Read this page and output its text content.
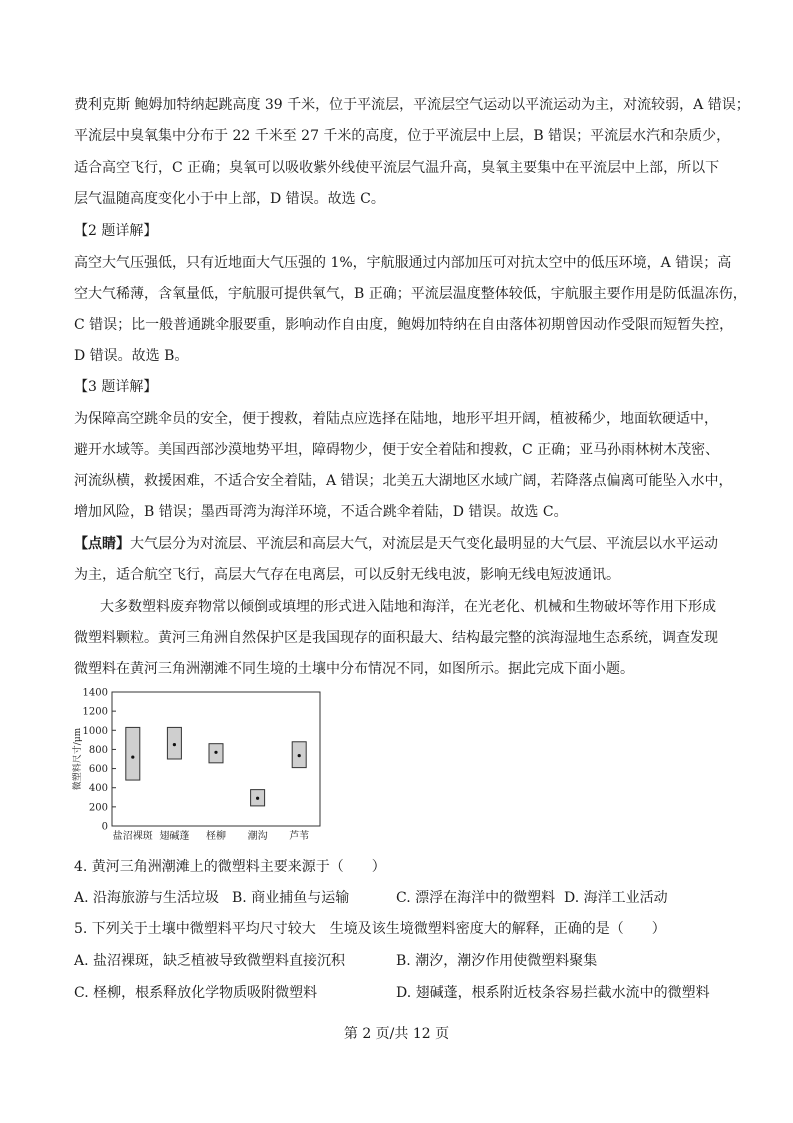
费利克斯 鲍姆加特纳起跳高度 39 千米，位于平流层，平流层空气运动以平流运动为主，对流较弱，A 错误；
平流层中臭氧集中分布于 22 千米至 27 千米的高度，位于平流层中上层，B 错误；平流层水汽和杂质少，
适合高空飞行，C 正确；臭氧可以吸收紫外线使平流层气温升高，臭氧主要集中在平流层中上部，所以下
层气温随高度变化小于中上部，D 错误。故选 C。
【2 题详解】
高空大气压强低，只有近地面大气压强的 1%，宇航服通过内部加压可对抗太空中的低压环境，A 错误；高
空大气稀薄，含氧量低，宇航服可提供氧气，B 正确；平流层温度整体较低，宇航服主要作用是防低温冻伤，
C 错误；比一般普通跳伞服要重，影响动作自由度，鲍姆加特纳在自由落体初期曾因动作受限而短暂失控，
D 错误。故选 B。
【3 题详解】
为保障高空跳伞员的安全，便于搜救，着陆点应选择在陆地，地形平坦开阔，植被稀少，地面软硬适中，
避开水域等。美国西部沙漠地势平坦，障碍物少，便于安全着陆和搜救，C 正确；亚马孙雨林树木茂密、
河流纵横，救援困难，不适合安全着陆，A 错误；北美五大湖地区水域广阔，若降落点偏离可能坠入水中，
增加风险，B 错误；墨西哥湾为海洋环境，不适合跳伞着陆，D 错误。故选 C。
【点睛】大气层分为对流层、平流层和高层大气，对流层是天气变化最明显的大气层、平流层以水平运动
为主，适合航空飞行，高层大气存在电离层，可以反射无线电波，影响无线电短波通讯。
大多数塑料废弃物常以倾倒或填埋的形式进入陆地和海洋，在光老化、机械和生物破坏等作用下形成
微塑料颗粒。黄河三角洲自然保护区是我国现存的面积最大、结构最完整的滨海湿地生态系统，调查发现
微塑料在黄河三角洲潮滩不同生境的土壤中分布情况不同，如图所示。据此完成下面小题。
0
200
400
600
800
1000
1200
1400
微塑料尺寸/μm
盐沼裸斑 翅碱蓬 柽柳 潮沟 芦苇
4. 黄河三角洲潮滩上的微塑料主要来源于（　　）
A. 沿海旅游与生活垃圾 B. 商业捕鱼与运输	C. 漂浮在海洋中的微塑料 D. 海洋工业活动
5. 下列关于土壤中微塑料平均尺寸较大　生境及该生境微塑料密度大的解释，正确的是（　　）
A. 盐沼裸斑，缺乏植被导致微塑料直接沉积	B. 潮汐，潮汐作用使微塑料聚集
C. 柽柳，根系释放化学物质吸附微塑料	D. 翅碱蓬，根系附近枝条容易拦截水流中的微塑料
第 2 页/共 12 页
